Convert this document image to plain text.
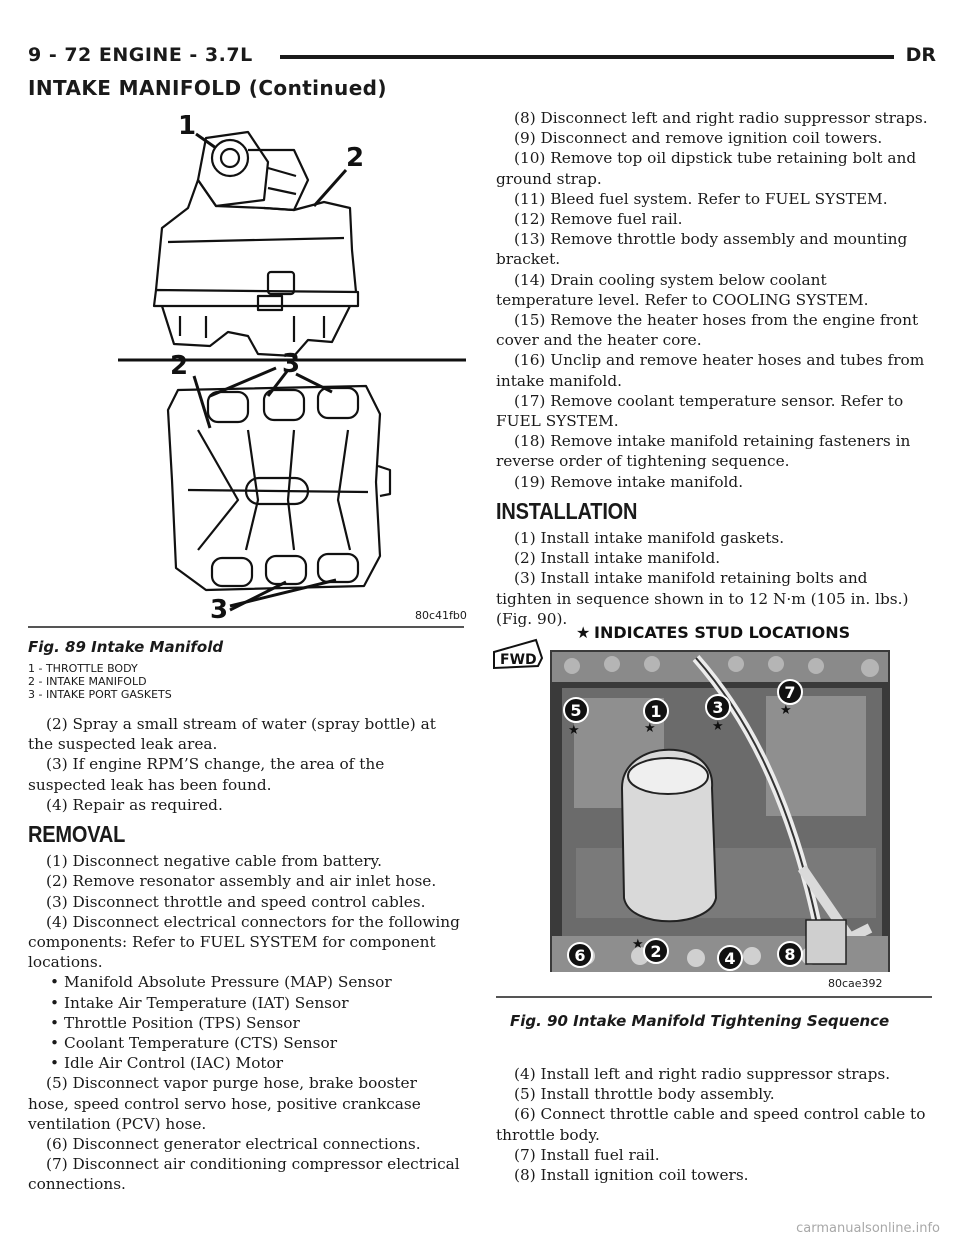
9 - 72 ENGINE - 3.7L	DR
INTAKE MANIFOLD (Continued)
1
2
2	3
3	80c41fb0
Fig. 89 Intake Manifold
1 - THROTTLE BODY
2 - INTAKE MANIFOLD
3 - INTAKE PORT GASKETS

(2) Spray a small stream of water (spray bottle) at the suspected leak area.

(3) If engine RPM’S change, the area of the suspected leak has been found.

(4) Repair as required.

REMOVAL

(1) Disconnect negative cable from battery.

(2) Remove resonator assembly and air inlet hose.

(3) Disconnect throttle and speed control cables.

(4) Disconnect electrical connectors for the following components: Refer to FUEL SYSTEM for component locations.

• Manifold Absolute Pressure (MAP) Sensor

• Intake Air Temperature (IAT) Sensor

• Throttle Position (TPS) Sensor

• Coolant Temperature (CTS) Sensor

• Idle Air Control (IAC) Motor

(5) Disconnect vapor purge hose, brake booster hose, speed control servo hose, positive crankcase ventilation (PCV) hose.

(6) Disconnect generator electrical connections.

(7) Disconnect air conditioning compressor electrical connections.

(8) Disconnect left and right radio suppressor straps.

(9) Disconnect and remove ignition coil towers.

(10) Remove top oil dipstick tube retaining bolt and ground strap.

(11) Bleed fuel system. Refer to FUEL SYSTEM.

(12) Remove fuel rail.

(13) Remove throttle body assembly and mounting bracket.

(14) Drain cooling system below coolant temperature level. Refer to COOLING SYSTEM.

(15) Remove the heater hoses from the engine front cover and the heater core.

(16) Unclip and remove heater hoses and tubes from intake manifold.

(17) Remove coolant temperature sensor. Refer to FUEL SYSTEM.

(18) Remove intake manifold retaining fasteners in reverse order of tightening sequence.

(19) Remove intake manifold.

INSTALLATION

(1) Install intake manifold gaskets.

(2) Install intake manifold.

(3) Install intake manifold retaining bolts and tighten in sequence shown in to 12 N·m (105 in. lbs.) (Fig. 90).

★ INDICATES STUD LOCATIONS
FWD
1
2
3
4
5
6
7
8
★	★	★
★
★
80cae392
Fig. 90 Intake Manifold Tightening Sequence

(4) Install left and right radio suppressor straps.

(5) Install throttle body assembly.

(6) Connect throttle cable and speed control cable to throttle body.

(7) Install fuel rail.

(8) Install ignition coil towers.

carmanualsonline.info
